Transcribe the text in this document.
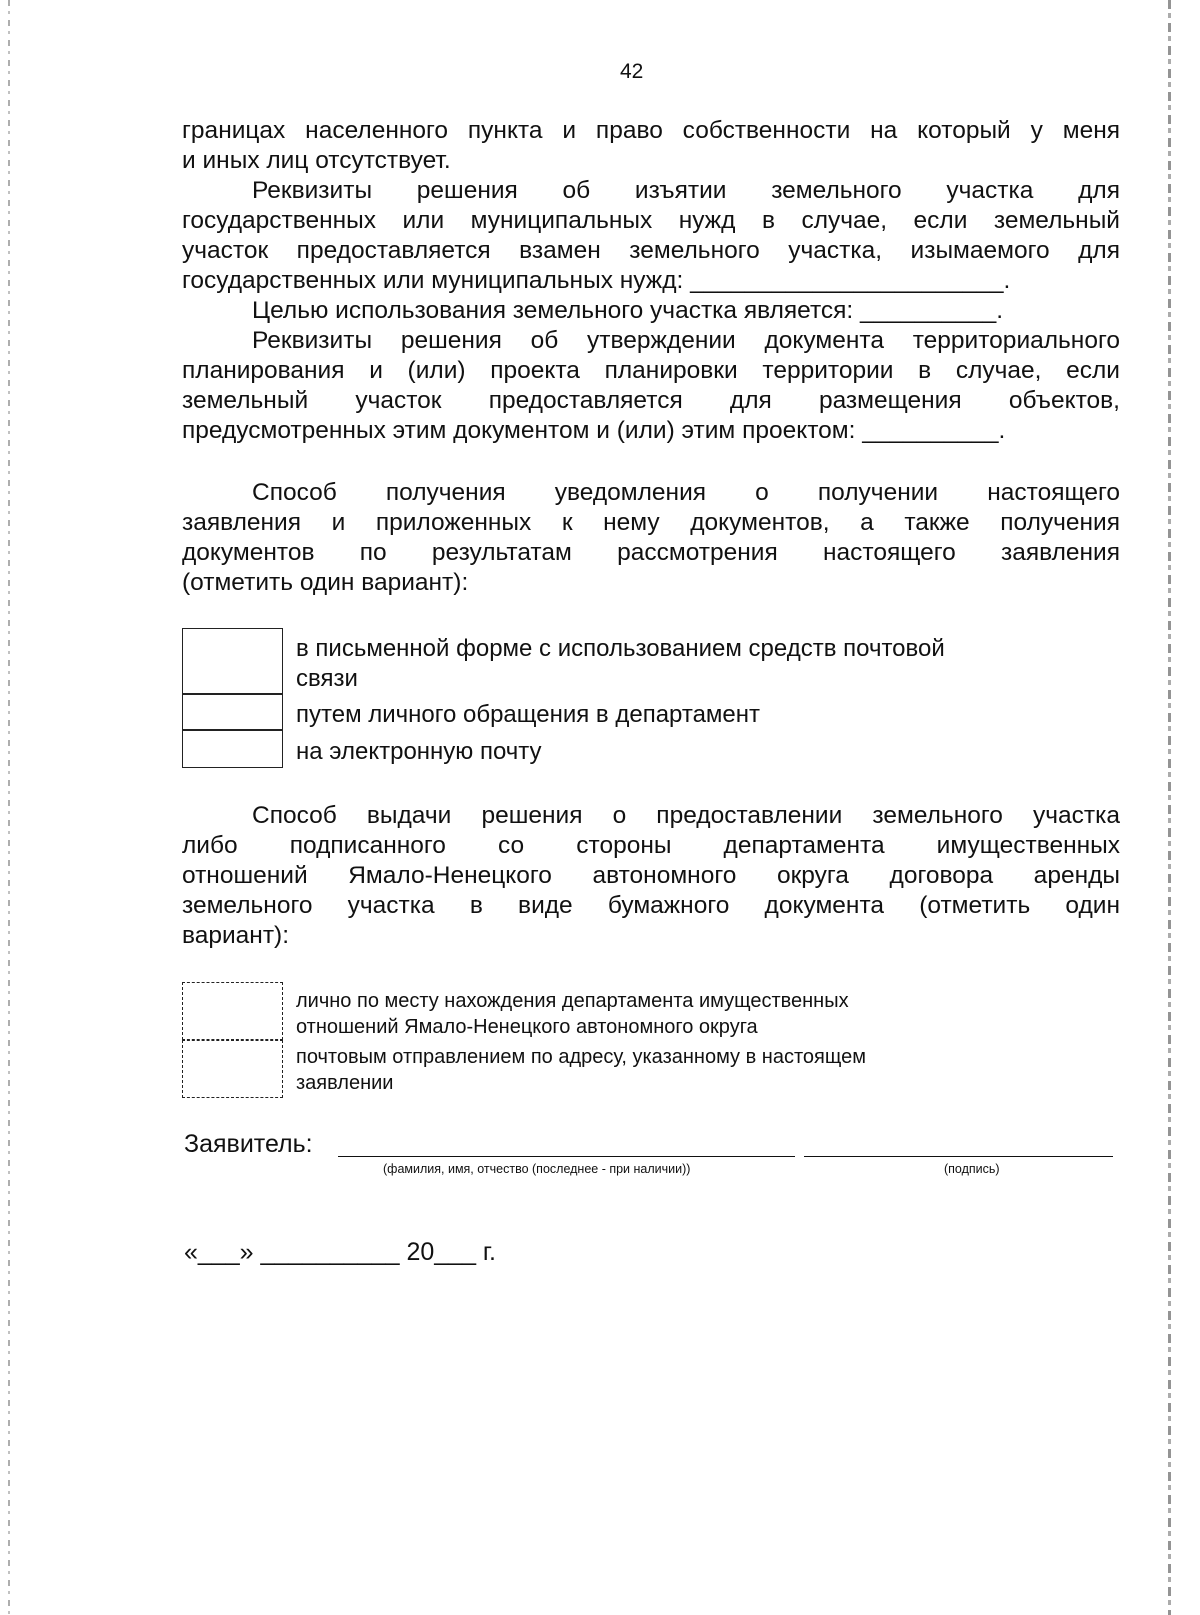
42
границах населенного пункта и право собственности на который у меня
и иных лиц отсутствует.
Реквизиты решения об изъятии земельного участка для
государственных или муниципальных нужд в случае, если земельный
участок предоставляется взамен земельного участка, изымаемого для
государственных или муниципальных нужд: _______________________.
Целью использования земельного участка является: __________.
Реквизиты решения об утверждении документа территориального
планирования и (или) проекта планировки территории в случае, если
земельный участок предоставляется для размещения объектов,
предусмотренных этим документом и (или) этим проектом: __________.
Способ получения уведомления о получении настоящего
заявления и приложенных к нему документов, а также получения
документов по результатам рассмотрения настоящего заявления
(отметить один вариант):
в письменной форме с использованием средств почтовой
связи
путем личного обращения в департамент
на электронную почту
Способ выдачи решения о предоставлении земельного участка
либо подписанного со стороны департамента имущественных
отношений Ямало-Ненецкого автономного округа договора аренды
земельного участка в виде бумажного документа (отметить один
вариант):
лично по месту нахождения департамента имущественных
отношений Ямало-Ненецкого автономного округа
почтовым отправлением по адресу, указанному в настоящем
заявлении
Заявитель:
(фамилия, имя, отчество (последнее - при наличии))	(подпись)
«___» __________ 20___ г.
